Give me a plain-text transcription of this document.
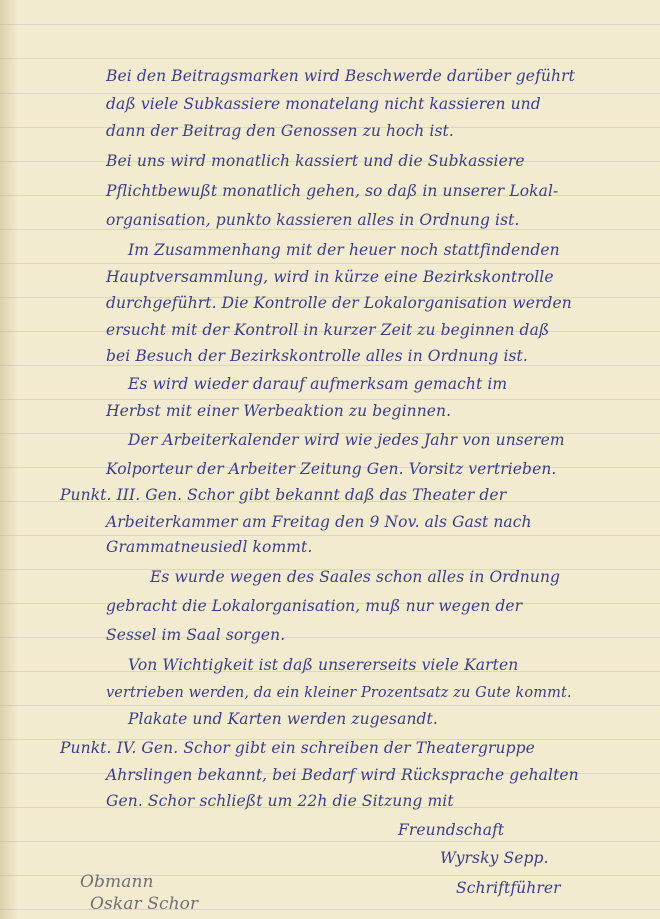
Bei den Beitragsmarken wird Beschwerde darüber geführt
daß viele Subkassiere monatelang nicht kassieren und
dann der Beitrag den Genossen zu hoch ist.
Bei uns wird monatlich kassiert und die Subkassiere
Pflichtbewußt monatlich gehen, so daß in unserer Lokal-
organisation, punkto kassieren alles in Ordnung ist.
Im Zusammenhang mit der heuer noch stattfindenden
Hauptversammlung, wird in kürze eine Bezirkskontrolle
durchgeführt. Die Kontrolle der Lokalorganisation werden
ersucht mit der Kontroll in kurzer Zeit zu beginnen daß
bei Besuch der Bezirkskontrolle alles in Ordnung ist.
Es wird wieder darauf aufmerksam gemacht im
Herbst mit einer Werbeaktion zu beginnen.
Der Arbeiterkalender wird wie jedes Jahr von unserem
Kolporteur der Arbeiter Zeitung Gen. Vorsitz vertrieben.
Punkt. III. Gen. Schor gibt bekannt daß das Theater der
Arbeiterkammer am Freitag den 9 Nov. als Gast nach
Grammatneusiedl kommt.
Es wurde wegen des Saales schon alles in Ordnung
gebracht die Lokalorganisation, muß nur wegen der
Sessel im Saal sorgen.
Von Wichtigkeit ist daß unsererseits viele Karten
vertrieben werden, da ein kleiner Prozentsatz zu Gute kommt.
Plakate und Karten werden zugesandt.
Punkt. IV. Gen. Schor gibt ein schreiben der Theatergruppe
Ahrslingen bekannt, bei Bedarf wird Rücksprache gehalten
Gen. Schor schließt um 22h die Sitzung mit
Freundschaft
Wyrsky Sepp.
Schriftführer
Obmann
Oskar Schor
